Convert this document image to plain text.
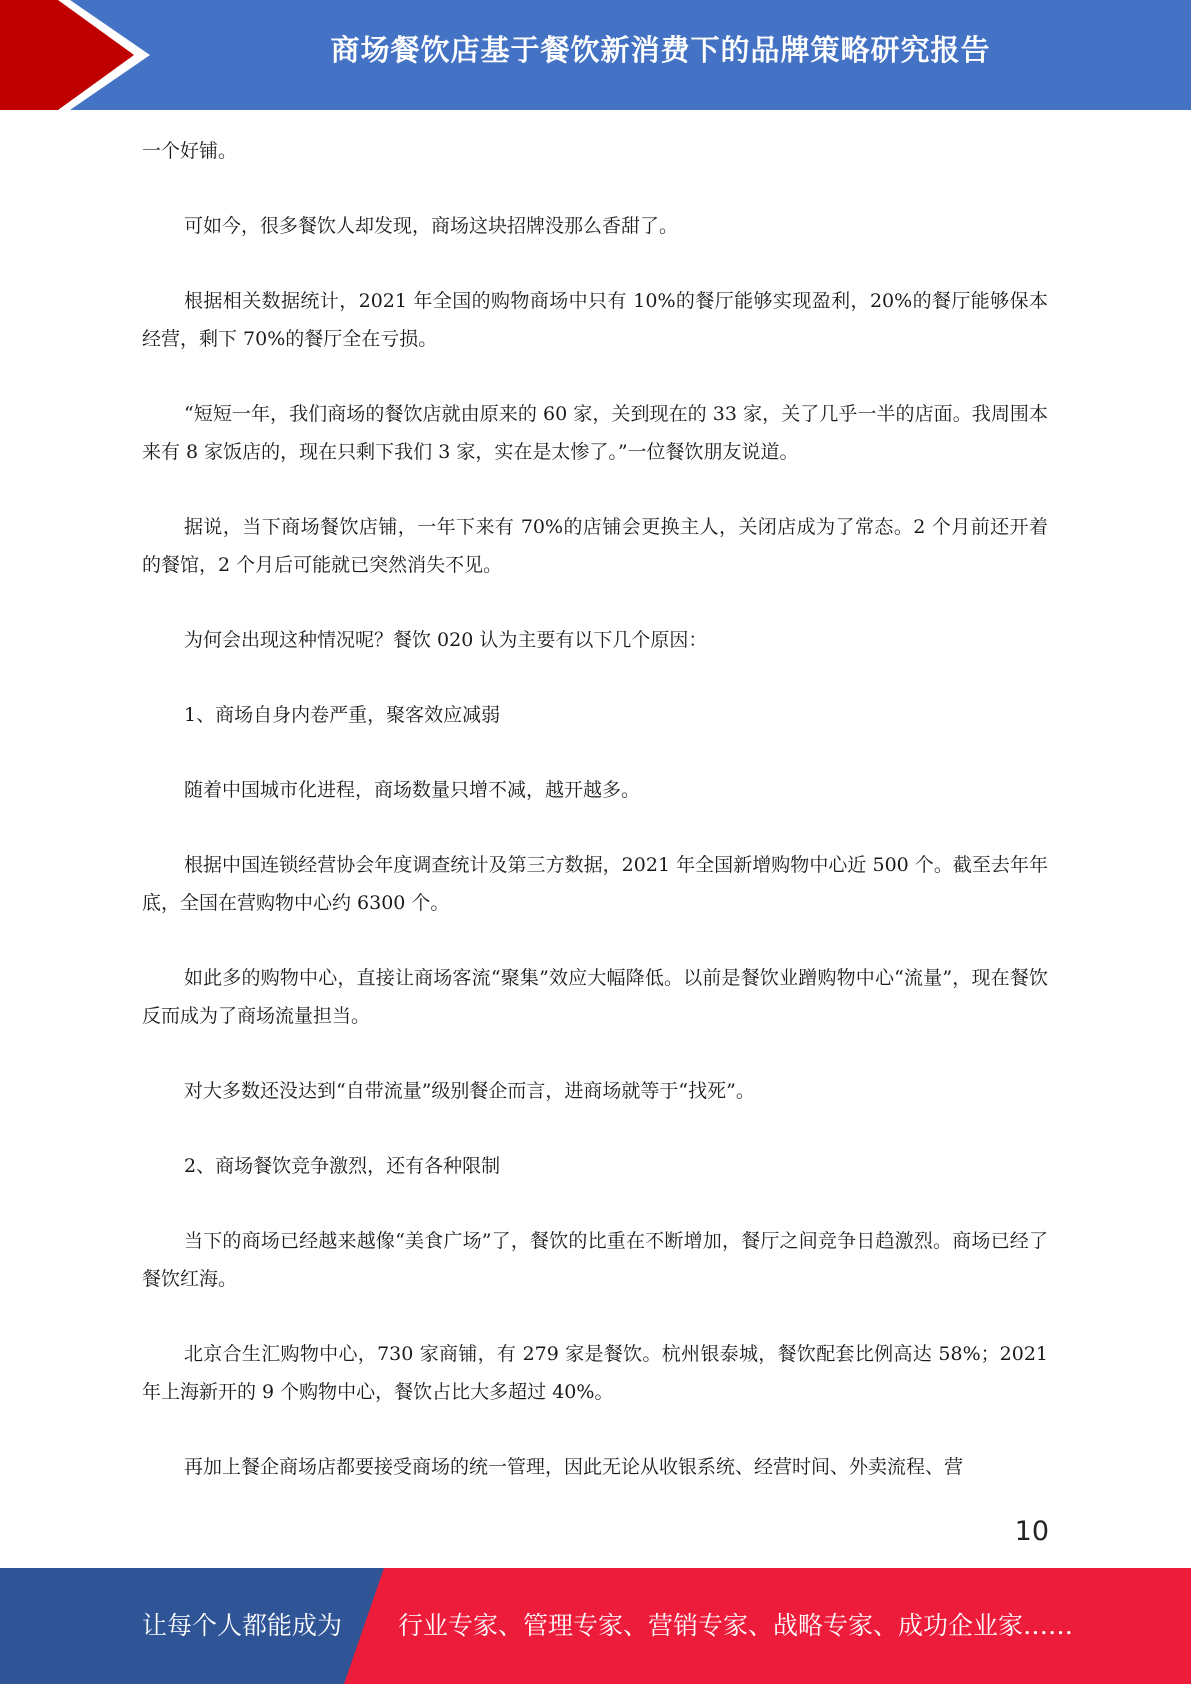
商场餐饮店基于餐饮新消费下的品牌策略研究报告

一个好铺。

可如今，很多餐饮人却发现，商场这块招牌没那么香甜了。

根据相关数据统计，2021 年全国的购物商场中只有 10%的餐厅能够实现盈利，20%的餐厅能够保本经营，剩下 70%的餐厅全在亏损。

“短短一年，我们商场的餐饮店就由原来的 60 家，关到现在的 33 家，关了几乎一半的店面。我周围本来有 8 家饭店的，现在只剩下我们 3 家，实在是太惨了。”一位餐饮朋友说道。

据说，当下商场餐饮店铺，一年下来有 70%的店铺会更换主人，关闭店成为了常态。2 个月前还开着的餐馆，2 个月后可能就已突然消失不见。

为何会出现这种情况呢？餐饮 020 认为主要有以下几个原因：

1、商场自身内卷严重，聚客效应减弱

随着中国城市化进程，商场数量只增不减，越开越多。

根据中国连锁经营协会年度调查统计及第三方数据，2021 年全国新增购物中心近 500 个。截至去年年底，全国在营购物中心约 6300 个。

如此多的购物中心，直接让商场客流“聚集”效应大幅降低。以前是餐饮业蹭购物中心“流量”，现在餐饮反而成为了商场流量担当。

对大多数还没达到“自带流量”级别餐企而言，进商场就等于“找死”。

2、商场餐饮竞争激烈，还有各种限制

当下的商场已经越来越像“美食广场”了，餐饮的比重在不断增加，餐厅之间竞争日趋激烈。商场已经了餐饮红海。

北京合生汇购物中心，730 家商铺，有 279 家是餐饮。杭州银泰城，餐饮配套比例高达 58%；2021 年上海新开的 9 个购物中心，餐饮占比大多超过 40%。

再加上餐企商场店都要接受商场的统一管理，因此无论从收银系统、经营时间、外卖流程、营

10
让每个人都能成为 行业专家、管理专家、营销专家、战略专家、成功企业家……
